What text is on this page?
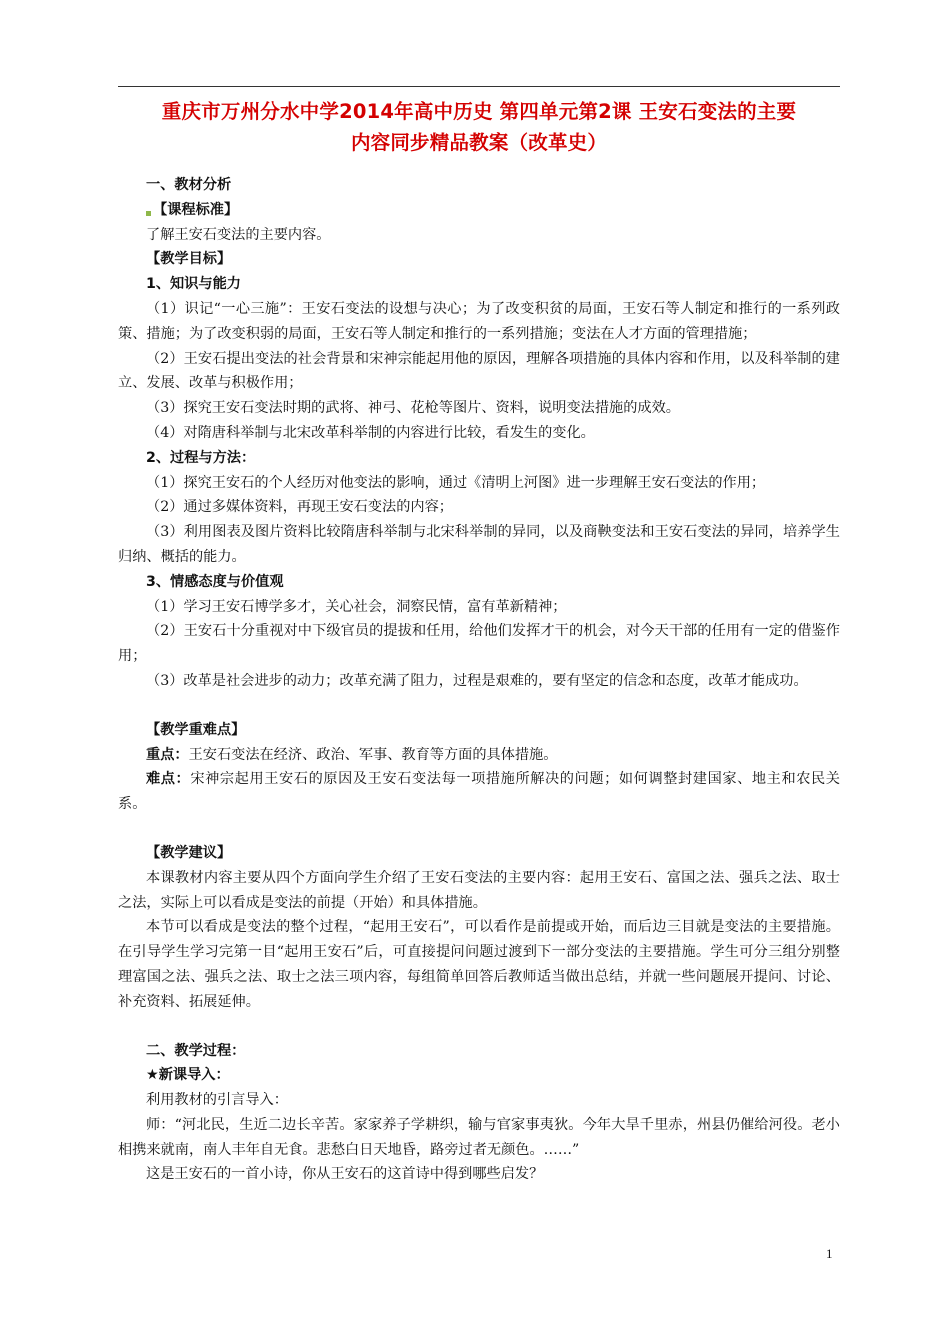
重庆市万州分水中学2014年高中历史 第四单元第2课 王安石变法的主要
内容同步精品教案（改革史）

一、教材分析

【课程标准】

了解王安石变法的主要内容。

【教学目标】

1、知识与能力

（1）识记“一心三施”：王安石变法的设想与决心；为了改变积贫的局面，王安石等人制定和推行的一系列政策、措施；为了改变积弱的局面，王安石等人制定和推行的一系列措施；变法在人才方面的管理措施；

（2）王安石提出变法的社会背景和宋神宗能起用他的原因，理解各项措施的具体内容和作用，以及科举制的建立、发展、改革与积极作用；

（3）探究王安石变法时期的武将、神弓、花枪等图片、资料，说明变法措施的成效。

（4）对隋唐科举制与北宋改革科举制的内容进行比较，看发生的变化。

2、过程与方法：

（1）探究王安石的个人经历对他变法的影响，通过《清明上河图》进一步理解王安石变法的作用；

（2）通过多媒体资料，再现王安石变法的内容；

（3）利用图表及图片资料比较隋唐科举制与北宋科举制的异同，以及商鞅变法和王安石变法的异同，培养学生归纳、概括的能力。

3、情感态度与价值观

（1）学习王安石博学多才，关心社会，洞察民情，富有革新精神；

（2）王安石十分重视对中下级官员的提拔和任用，给他们发挥才干的机会，对今天干部的任用有一定的借鉴作用；

（3）改革是社会进步的动力；改革充满了阻力，过程是艰难的，要有坚定的信念和态度，改革才能成功。

【教学重难点】

重点：王安石变法在经济、政治、军事、教育等方面的具体措施。

难点：宋神宗起用王安石的原因及王安石变法每一项措施所解决的问题；如何调整封建国家、地主和农民关系。

【教学建议】

本课教材内容主要从四个方面向学生介绍了王安石变法的主要内容：起用王安石、富国之法、强兵之法、取士之法，实际上可以看成是变法的前提（开始）和具体措施。

本节可以看成是变法的整个过程，“起用王安石”，可以看作是前提或开始，而后边三目就是变法的主要措施。在引导学生学习完第一目“起用王安石”后，可直接提问问题过渡到下一部分变法的主要措施。学生可分三组分别整理富国之法、强兵之法、取士之法三项内容，每组简单回答后教师适当做出总结，并就一些问题展开提问、讨论、补充资料、拓展延伸。

二、教学过程：

★新课导入：

利用教材的引言导入：

师：“河北民，生近二边长辛苦。家家养子学耕织，输与官家事夷狄。今年大旱千里赤，州县仍催给河役。老小相携来就南，南人丰年自无食。悲愁白日天地昏，路旁过者无颜色。……”

这是王安石的一首小诗，你从王安石的这首诗中得到哪些启发？

1
